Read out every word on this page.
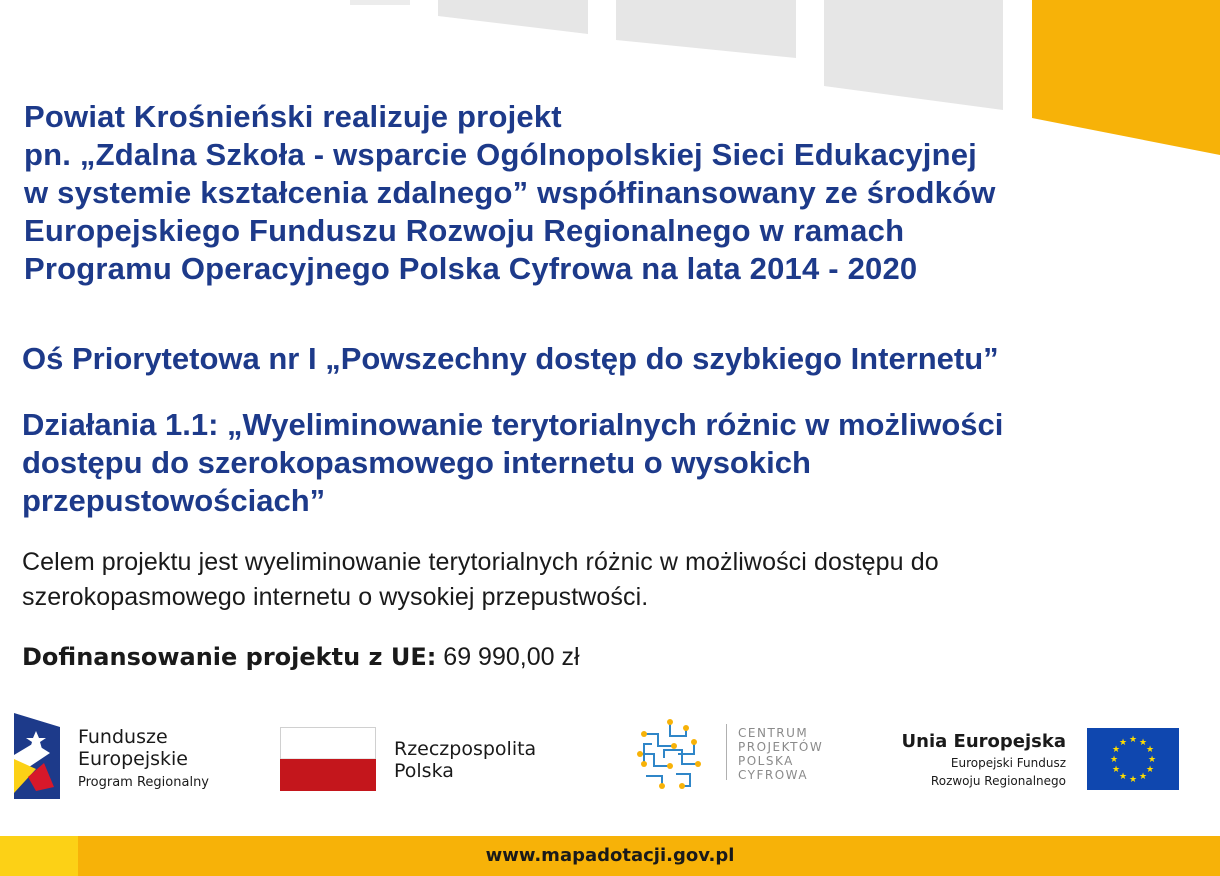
Powiat Krośnieński realizuje projekt
pn. „Zdalna Szkoła - wsparcie Ogólnopolskiej Sieci Edukacyjnej
w systemie kształcenia zdalnego” współfinansowany ze środków
Europejskiego Funduszu Rozwoju Regionalnego w ramach
Programu Operacyjnego Polska Cyfrowa na lata 2014 - 2020
Oś Priorytetowa nr I „Powszechny dostęp do szybkiego Internetu”
Działania 1.1: „Wyeliminowanie terytorialnych różnic w możliwości
dostępu do szerokopasmowego internetu o wysokich
przepustowościach”
Celem projektu jest wyeliminowanie terytorialnych różnic w możliwości dostępu do
szerokopasmowego internetu o wysokiej przepustwości.
Dofinansowanie projektu z UE: 69 990,00 zł
Fundusze
Europejskie
Program Regionalny
Rzeczpospolita
Polska
CENTRUM
PROJEKTÓW
POLSKA
CYFROWA
Unia Europejska
Europejski Fundusz
Rozwoju Regionalnego
★ ★
★
★
★
★
★
★
★
★
★
★
www.mapadotacji.gov.pl
